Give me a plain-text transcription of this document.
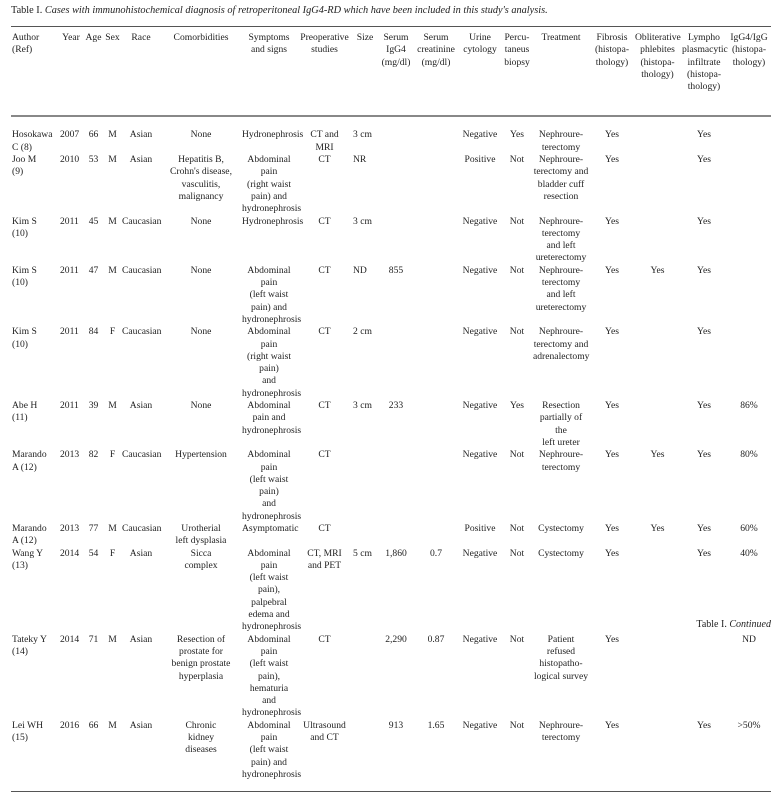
Table I. Cases with immunohistochemical diagnosis of retroperitoneal IgG4-RD which have been included in this study's analysis.
Author
(Ref)	Year	Age	Sex	Race	Comorbidities	Symptoms
and signs	Preoperative
studies	Size	Serum
IgG4
(mg/dl)	Serum
creatinine
(mg/dl)	Urine
cytology	Percu-
taneus
biopsy	Treatment	Fibrosis
(histopa-
thology)	Obliterative
phlebites
(histopa-
thology)	Lympho
plasmacytic
infiltrate
(histopa-
thology)	IgG4/IgG
(histopa-
thology)
Hosokawa
C (8)	2007	66	M	Asian	None	Hydronephrosis	CT and
MRI	3 cm			Negative	Yes	Nephroure-
terectomy	Yes		Yes	
Joo M
(9)	2010	53	M	Asian	Hepatitis B,
Crohn's disease,
vasculitis,
malignancy	Abdominal pain
(right waist
pain) and
hydronephrosis	CT	NR			Positive	Not	Nephroure-
terectomy and
bladder cuff
resection	Yes		Yes	
Kim S
(10)	2011	45	M	Caucasian	None	Hydronephrosis	CT	3 cm			Negative	Not	Nephroure-
terectomy
and left
ureterectomy	Yes		Yes	
Kim S
(10)	2011	47	M	Caucasian	None	Abdominal pain
(left waist
pain) and
hydronephrosis	CT	ND	855		Negative	Not	Nephroure-
terectomy
and left
ureterectomy	Yes	Yes	Yes	
Kim S
(10)	2011	84	F	Caucasian	None	Abdominal pain
(right waist pain)
and hydronephrosis	CT	2 cm			Negative	Not	Nephroure-
terectomy and
adrenalectomy	Yes		Yes	
Abe H
(11)	2011	39	M	Asian	None	Abdominal pain and
hydronephrosis	CT	3 cm	233		Negative	Yes	Resection
partially of the
left ureter	Yes		Yes	86%
Marando
A (12)	2013	82	F	Caucasian	Hypertension	Abdominal pain
(left waist pain)
and
hydronephrosis	CT				Negative	Not	Nephroure-
terectomy	Yes	Yes	Yes	80%
Marando
A (12)	2013	77	M	Caucasian	Urotherial
left dysplasia	Asymptomatic	CT				Positive	Not	Cystectomy	Yes	Yes	Yes	60%
Wang Y
(13)	2014	54	F	Asian	Sicca
complex	Abdominal pain
(left waist pain),
palpebral
edema and
hydronephrosis	CT, MRI
and PET	5 cm	1,860	0.7	Negative	Not	Cystectomy	Yes		Yes	40%
Tateky Y
(14)	2014	71	M	Asian	Resection of
prostate for
benign prostate
hyperplasia	Abdominal pain
(left waist pain),
hematuria and
hydronephrosis	CT		2,290	0.87	Negative	Not	Patient refused
histopatho-
logical survey	Yes			ND
Lei WH
(15)	2016	66	M	Asian	Chronic
kidney
diseases	Abdominal pain
(left waist
pain) and
hydronephrosis	Ultrasound
and CT		913	1.65	Negative	Not	Nephroure-
terectomy	Yes		Yes	>50%
Table I. Continued
